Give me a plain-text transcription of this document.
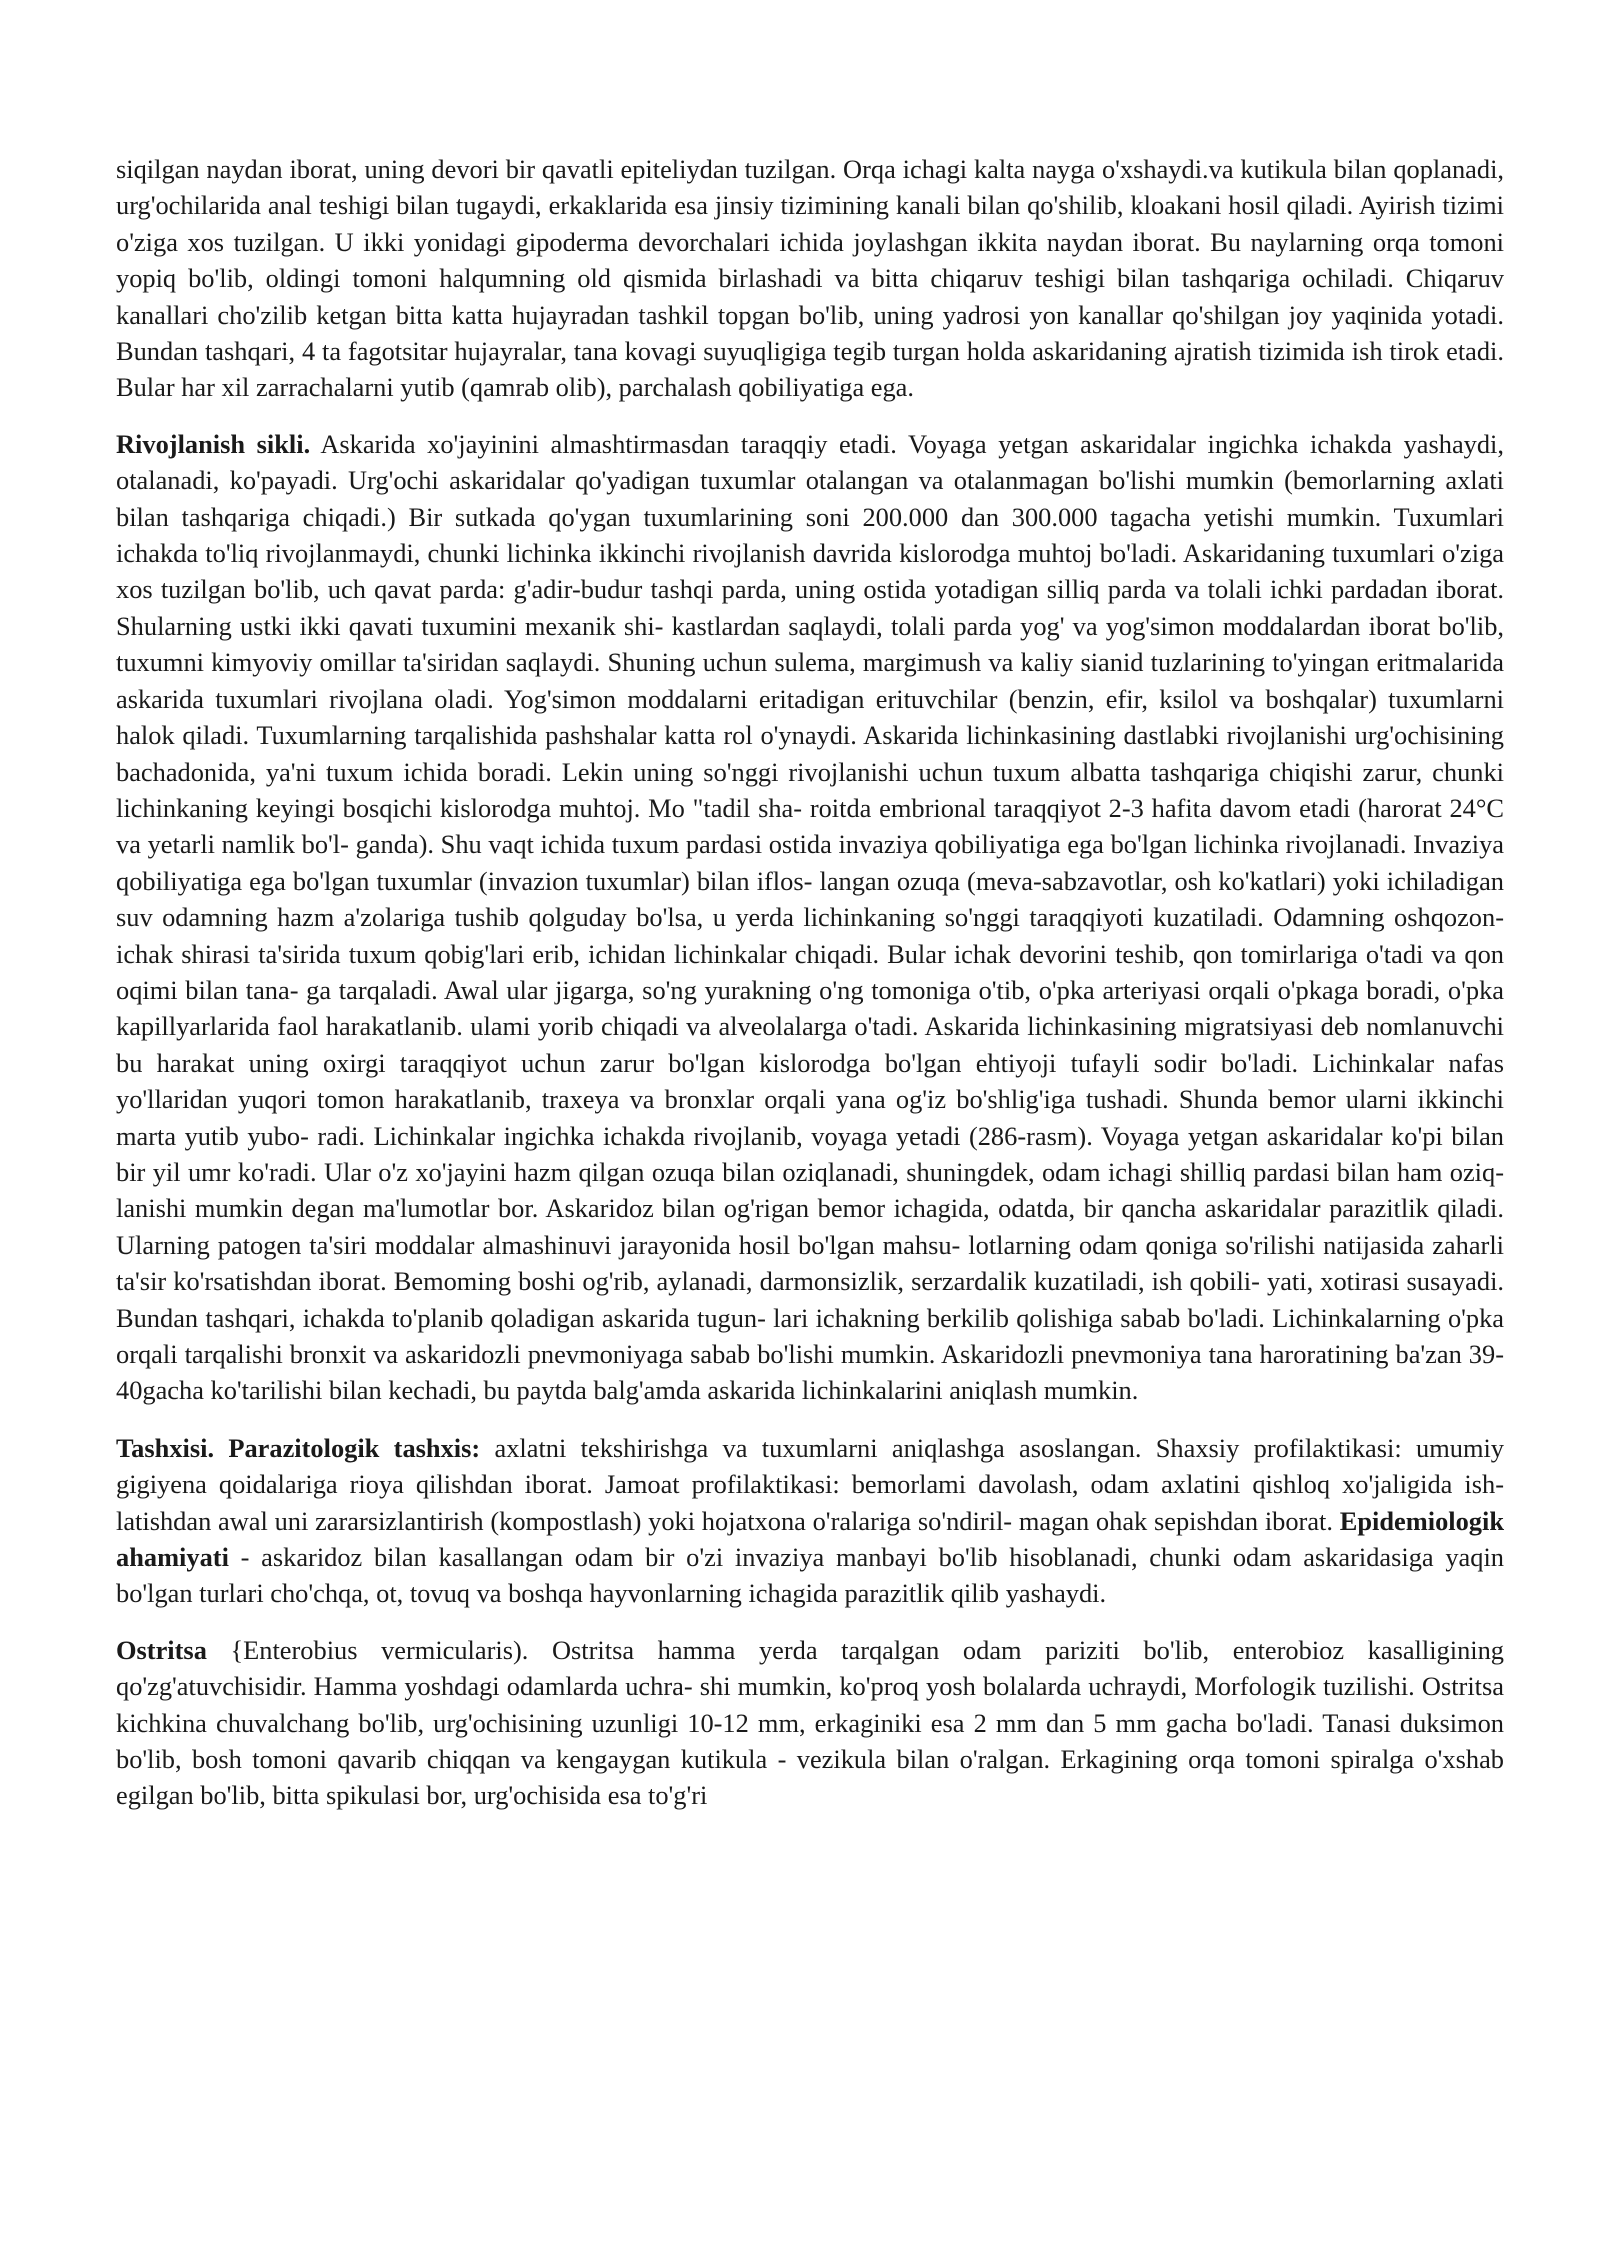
siqilgan naydan iborat, uning devori bir qavatli epiteliydan tuzilgan. Orqa ichagi kalta nayga o'xshaydi.va kutikula bilan qoplanadi, urg'ochilarida anal teshigi bilan tugaydi, erkaklarida esa jinsiy tizimining kanali bilan qo'shilib, kloakani hosil qiladi. Ayirish tizimi o'ziga xos tuzilgan. U ikki yonidagi gipoderma devorchalari ichida joylashgan ikkita naydan iborat. Bu naylarning orqa tomoni yopiq bo'lib, oldingi tomoni halqumning old qismida birlashadi va bitta chiqaruv teshigi bilan tashqariga ochiladi. Chiqaruv kanallari cho'zilib ketgan bitta katta hujayradan tashkil topgan bo'lib, uning yadrosi yon kanallar qo'shilgan joy yaqinida yotadi. Bundan tashqari, 4 ta fagotsitar hujayralar, tana kovagi suyuqligiga tegib turgan holda askaridaning ajratish tizimida ish tirok etadi. Bular har xil zarrachalarni yutib (qamrab olib), parchalash qobiliyatiga ega.

Rivojlanish sikli. Askarida xo'jayinini almashtirmasdan taraqqiy etadi. Voyaga yetgan askaridalar ingichka ichakda yashaydi, otalanadi, ko'payadi. Urg'ochi askaridalar qo'yadigan tuxumlar otalangan va otalanmagan bo'lishi mumkin (bemorlarning axlati bilan tashqariga chiqadi.) Bir sutkada qo'ygan tuxumlarining soni 200.000 dan 300.000 tagacha yetishi mumkin. Tuxumlari ichakda to'liq rivojlanmaydi, chunki lichinka ikkinchi rivojlanish davrida kislorodga muhtoj bo'ladi. Askaridaning tuxumlari o'ziga xos tuzilgan bo'lib, uch qavat parda: g'adir-budur tashqi parda, uning ostida yotadigan silliq parda va tolali ichki pardadan iborat. Shularning ustki ikki qavati tuxumini mexanik shi- kastlardan saqlaydi, tolali parda yog' va yog'simon moddalardan iborat bo'lib, tuxumni kimyoviy omillar ta'siridan saqlaydi. Shuning uchun sulema, margimush va kaliy sianid tuzlarining to'yingan eritmalarida askarida tuxumlari rivojlana oladi. Yog'simon moddalarni eritadigan erituvchilar (benzin, efir, ksilol va boshqalar) tuxumlarni halok qiladi. Tuxumlarning tarqalishida pashshalar katta rol o'ynaydi. Askarida lichinkasining dastlabki rivojlanishi urg'ochisining bachadonida, ya'ni tuxum ichida boradi. Lekin uning so'nggi rivojlanishi uchun tuxum albatta tashqariga chiqishi zarur, chunki lichinkaning keyingi bosqichi kislorodga muhtoj. Mo "tadil sha- roitda embrional taraqqiyot 2-3 hafita davom etadi (harorat 24°C va yetarli namlik bo'l- ganda). Shu vaqt ichida tuxum pardasi ostida invaziya qobiliyatiga ega bo'lgan lichinka rivojlanadi. Invaziya qobiliyatiga ega bo'lgan tuxumlar (invazion tuxumlar) bilan iflos- langan ozuqa (meva-sabzavotlar, osh ko'katlari) yoki ichiladigan suv odamning hazm a'zolariga tushib qolguday bo'lsa, u yerda lichinkaning so'nggi taraqqiyoti kuzatiladi. Odamning oshqozon-ichak shirasi ta'sirida tuxum qobig'lari erib, ichidan lichinkalar chiqadi. Bular ichak devorini teshib, qon tomirlariga o'tadi va qon oqimi bilan tana- ga tarqaladi. Awal ular jigarga, so'ng yurakning o'ng tomoniga o'tib, o'pka arteriyasi orqali o'pkaga boradi, o'pka kapillyarlarida faol harakatlanib. ulami yorib chiqadi va alveolalarga o'tadi. Askarida lichinkasining migratsiyasi deb nomlanuvchi bu harakat uning oxirgi taraqqiyot uchun zarur bo'lgan kislorodga bo'lgan ehtiyoji tufayli sodir bo'ladi. Lichinkalar nafas yo'llaridan yuqori tomon harakatlanib, traxeya va bronxlar orqali yana og'iz bo'shlig'iga tushadi. Shunda bemor ularni ikkinchi marta yutib yubo- radi. Lichinkalar ingichka ichakda rivojlanib, voyaga yetadi (286-rasm). Voyaga yetgan askaridalar ko'pi bilan bir yil umr ko'radi. Ular o'z xo'jayini hazm qilgan ozuqa bilan oziqlanadi, shuningdek, odam ichagi shilliq pardasi bilan ham oziq- lanishi mumkin degan ma'lumotlar bor. Askaridoz bilan og'rigan bemor ichagida, odatda, bir qancha askaridalar parazitlik qiladi. Ularning patogen ta'siri moddalar almashinuvi jarayonida hosil bo'lgan mahsu- lotlarning odam qoniga so'rilishi natijasida zaharli ta'sir ko'rsatishdan iborat. Bemoming boshi og'rib, aylanadi, darmonsizlik, serzardalik kuzatiladi, ish qobili- yati, xotirasi susayadi. Bundan tashqari, ichakda to'planib qoladigan askarida tugun- lari ichakning berkilib qolishiga sabab bo'ladi. Lichinkalarning o'pka orqali tarqalishi bronxit va askaridozli pnevmoniyaga sabab bo'lishi mumkin. Askaridozli pnevmoniya tana haroratining ba'zan 39-40gacha ko'tarilishi bilan kechadi, bu paytda balg'amda askarida lichinkalarini aniqlash mumkin.

Tashxisi. Parazitologik tashxis: axlatni tekshirishga va tuxumlarni aniqlashga asoslangan. Shaxsiy profilaktikasi: umumiy gigiyena qoidalariga rioya qilishdan iborat. Jamoat profilaktikasi: bemorlami davolash, odam axlatini qishloq xo'jaligida ish- latishdan awal uni zararsizlantirish (kompostlash) yoki hojatxona o'ralariga so'ndiril- magan ohak sepishdan iborat. Epidemiologik ahamiyati - askaridoz bilan kasallangan odam bir o'zi invaziya manbayi bo'lib hisoblanadi, chunki odam askaridasiga yaqin bo'lgan turlari cho'chqa, ot, tovuq va boshqa hayvonlarning ichagida parazitlik qilib yashaydi.

Ostritsa {Enterobius vermicularis). Ostritsa hamma yerda tarqalgan odam pariziti bo'lib, enterobioz kasalligining qo'zg'atuvchisidir. Hamma yoshdagi odamlarda uchra- shi mumkin, ko'proq yosh bolalarda uchraydi, Morfologik tuzilishi. Ostritsa kichkina chuvalchang bo'lib, urg'ochisining uzunligi 10-12 mm, erkaginiki esa 2 mm dan 5 mm gacha bo'ladi. Tanasi duksimon bo'lib, bosh tomoni qavarib chiqqan va kengaygan kutikula - vezikula bilan o'ralgan. Erkagining orqa tomoni spiralga o'xshab egilgan bo'lib, bitta spikulasi bor, urg'ochisida esa to'g'ri
